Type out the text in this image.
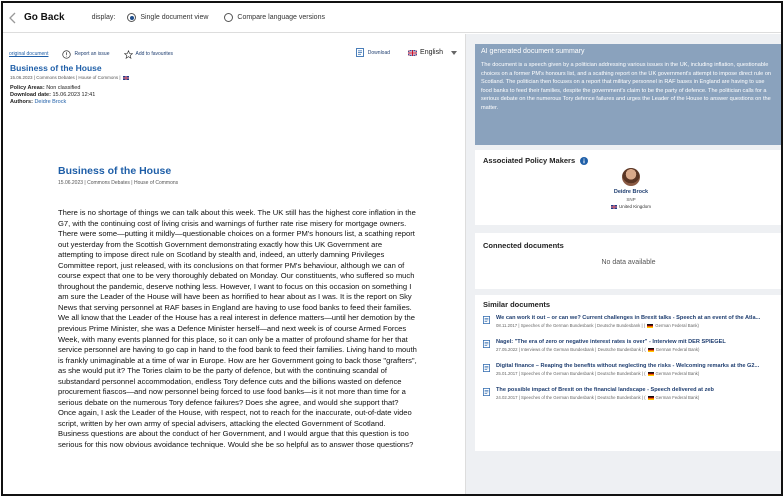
Go Back	display:	Single document view	Compare language versions
original document	Report an issue	Add to favourites	Download	English
Business of the House
15.06.2023 | Commons Debates | House of Commons |
Policy Areas: Non classified
Download date: 15.06.2023 12:41
Authors: Deidre Brock
Business of the House
15.06.2023 | Commons Debates | House of Commons
There is no shortage of things we can talk about this week. The UK still has the highest core inflation in the G7, with the continuing cost of living crisis and warnings of further rate rise misery for mortgage owners. There were some—putting it mildly—questionable choices on a former PM's honours list, a scathing report out yesterday from the Scottish Government demonstrating exactly how this UK Government are attempting to impose direct rule on Scotland by stealth and, indeed, an utterly damning Privileges Committee report, just released, with its conclusions on that former PM's behaviour, although we can of course expect that one to be very thoroughly debated on Monday. Our constituents, who suffered so much throughout the pandemic, deserve nothing less. However, I want to focus on this occasion on something I am sure the Leader of the House will have been as horrified to hear about as I was. It is the report on Sky News that serving personnel at RAF bases in England are having to use food banks to feed their families. We all know that the Leader of the House has a real interest in defence matters—until her demotion by the previous Prime Minister, she was a Defence Minister herself—and next week is of course Armed Forces Week, with many events planned for this place, so it can only be a matter of profound shame for her that service personnel are having to go cap in hand to the food bank to feed their families. Living hand to mouth is frankly unimaginable at a time of war in Europe. How are her Government going to back those "grafters", as she would put it? The Tories claim to be the party of defence, but with the continuing scandal of substandard personnel accommodation, endless Tory defence cuts and the billions wasted on defence procurement fiascos—and now personnel being forced to use food banks—is it not more than time for a serious debate on the numerous Tory defence failures? Does she agree, and would she support that? Once again, I ask the Leader of the House, with respect, not to reach for the inaccurate, out-of-date video script, written by her own army of special advisers, attacking the elected Government of Scotland. Business questions are about the conduct of her Government, and I would argue that this question is too serious for this now obvious avoidance technique. Would she be so helpful as to answer those questions?
AI generated document summary
The document is a speech given by a politician addressing various issues in the UK, including inflation, questionable choices on a former PM's honours list, and a scathing report on the UK government's attempt to impose direct rule on Scotland. The politician then focuses on a report that military personnel in RAF bases in England are having to use food banks to feed their families, despite the government's claim to be the party of defence. The politician calls for a serious debate on the numerous Tory defence failures and urges the Leader of the House to answer questions on the matter.
Associated Policy Makers
Deidre Brock
SNP
United Kingdom
Connected documents
No data available
Similar documents
We can work it out – or can we? Current challenges in Brexit talks - Speech at an event of the Atla...
08.11.2017 | Speeches of the German Bundesbank | Deutsche Bundesbank | ( German Federal Bank)
Nagel: "The era of zero or negative interest rates is over" - Interview mit DER SPIEGEL
27.05.2022 | Interviews of the German Bundesbank | Deutsche Bundesbank | ( German Federal Bank)
Digital finance – Reaping the benefits without neglecting the risks - Welcoming remarks at the G2...
25.01.2017 | Speeches of the German Bundesbank | Deutsche Bundesbank | ( German Federal Bank)
The possible impact of Brexit on the financial landscape - Speech delivered at zeb
24.02.2017 | Speeches of the German Bundesbank | Deutsche Bundesbank | ( German Federal Bank)
